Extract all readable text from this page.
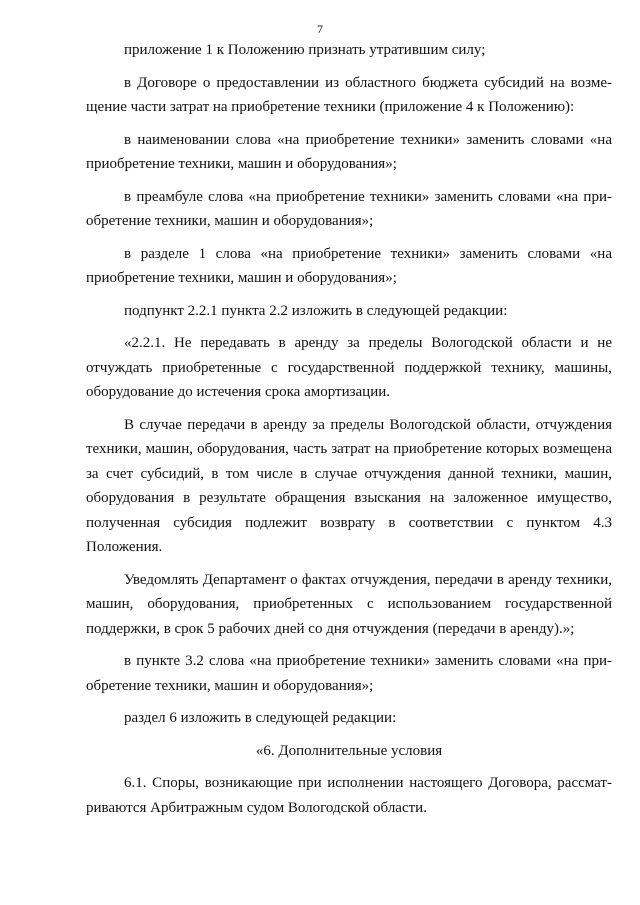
7

приложение 1 к Положению признать утратившим силу;

в Договоре о предоставлении из областного бюджета субсидий на возмещение части затрат на приобретение техники (приложение 4 к Положению):

в наименовании слова «на приобретение техники» заменить словами «на приобретение техники, машин и оборудования»;

в преамбуле слова «на приобретение техники» заменить словами «на приобретение техники, машин и оборудования»;

в разделе 1 слова «на приобретение техники» заменить словами «на приобретение техники, машин и оборудования»;

подпункт 2.2.1 пункта 2.2 изложить в следующей редакции:

«2.2.1. Не передавать в аренду за пределы Вологодской области и не отчуждать приобретенные с государственной поддержкой технику, машины, оборудование до истечения срока амортизации.

В случае передачи в аренду за пределы Вологодской области, отчуждения техники, машин, оборудования, часть затрат на приобретение которых возмещена за счет субсидий, в том числе в случае отчуждения данной техники, машин, оборудования в результате обращения взыскания на заложенное имущество, полученная субсидия подлежит возврату в соответствии с пунктом 4.3 Положения.

Уведомлять Департамент о фактах отчуждения, передачи в аренду техники, машин, оборудования, приобретенных с использованием государственной поддержки, в срок 5 рабочих дней со дня отчуждения (передачи в аренду).»;

в пункте 3.2 слова «на приобретение техники» заменить словами «на приобретение техники, машин и оборудования»;

раздел 6 изложить в следующей редакции:

«6. Дополнительные условия

6.1. Споры, возникающие при исполнении настоящего Договора, рассматриваются Арбитражным судом Вологодской области.
